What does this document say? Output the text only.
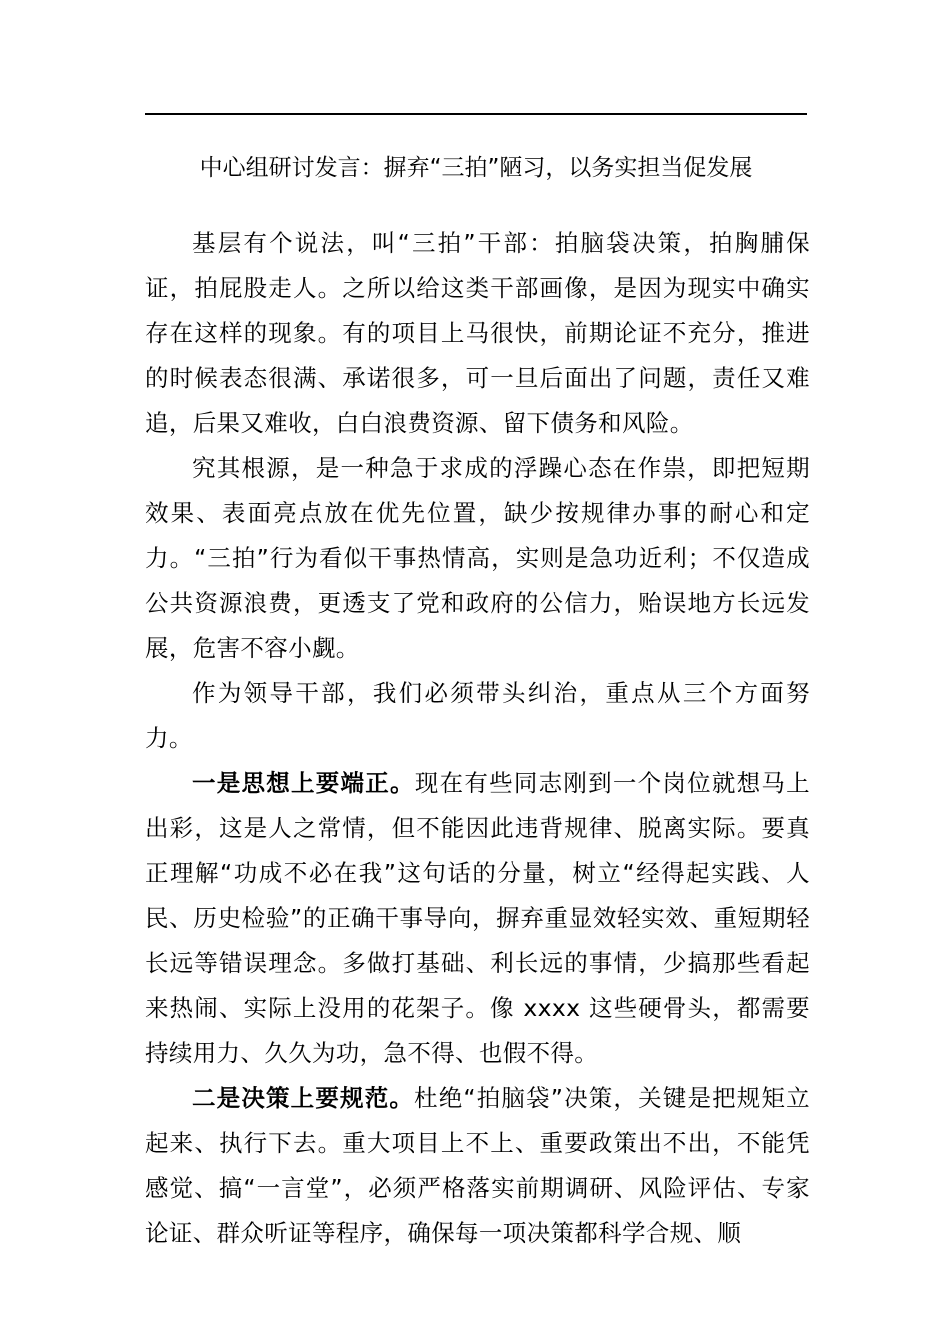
中心组研讨发言：摒弃“三拍”陋习，以务实担当促发展

基层有个说法，叫“三拍”干部：拍脑袋决策，拍胸脯保证，拍屁股走人。之所以给这类干部画像，是因为现实中确实存在这样的现象。有的项目上马很快，前期论证不充分，推进的时候表态很满、承诺很多，可一旦后面出了问题，责任又难追，后果又难收，白白浪费资源、留下债务和风险。

究其根源，是一种急于求成的浮躁心态在作祟，即把短期效果、表面亮点放在优先位置，缺少按规律办事的耐心和定力。“三拍”行为看似干事热情高，实则是急功近利；不仅造成公共资源浪费，更透支了党和政府的公信力，贻误地方长远发展，危害不容小觑。

作为领导干部，我们必须带头纠治，重点从三个方面努力。

一是思想上要端正。现在有些同志刚到一个岗位就想马上出彩，这是人之常情，但不能因此违背规律、脱离实际。要真正理解“功成不必在我”这句话的分量，树立“经得起实践、人民、历史检验”的正确干事导向，摒弃重显效轻实效、重短期轻长远等错误理念。多做打基础、利长远的事情，少搞那些看起来热闹、实际上没用的花架子。像 xxxx 这些硬骨头，都需要持续用力、久久为功，急不得、也假不得。

二是决策上要规范。杜绝“拍脑袋”决策，关键是把规矩立起来、执行下去。重大项目上不上、重要政策出不出，不能凭感觉、搞“一言堂”，必须严格落实前期调研、风险评估、专家论证、群众听证等程序，确保每一项决策都科学合规、顺
